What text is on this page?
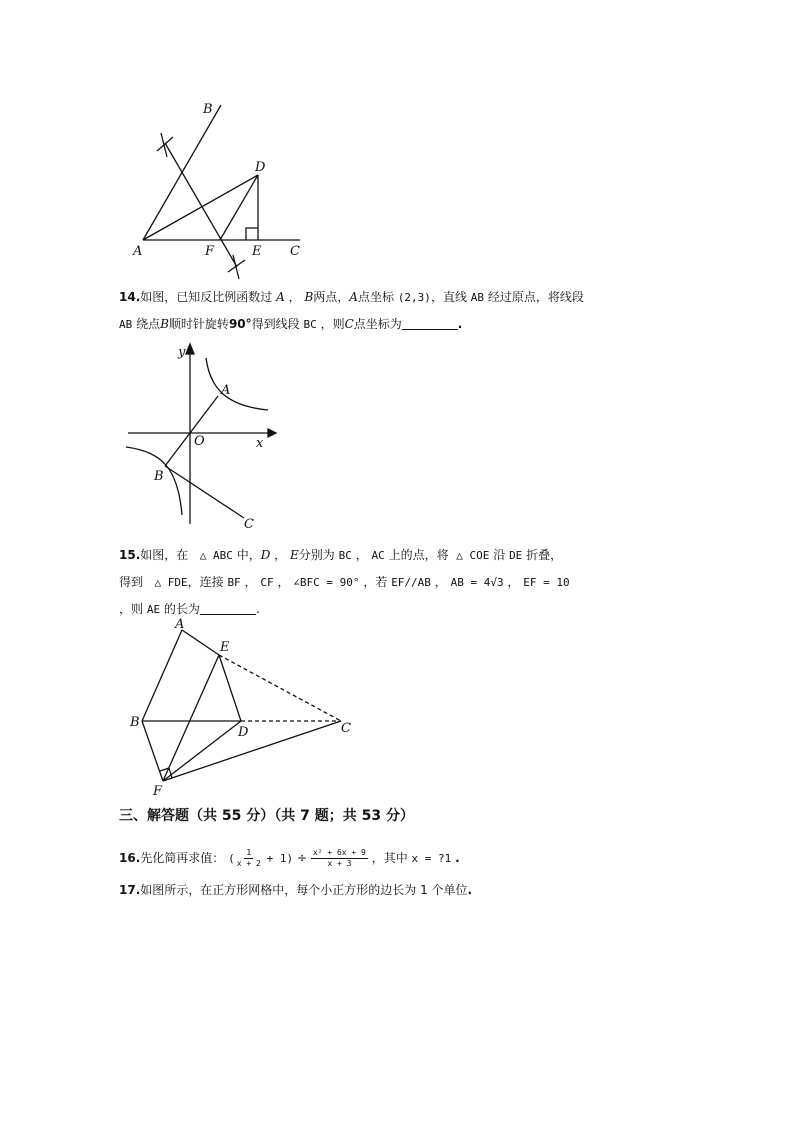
B
D
A	F	E C
14.如图，已知反比例函数过 A ， B两点，A点坐标 (2,3)，直线 AB 经过原点，将线段
AB 绕点B顺时针旋转90°得到线段 BC ，则C点坐标为	.
y
A
O	x
B
C
15.如图，在 △ ABC 中，D ， E分别为 BC ， AC 上的点，将 △ COE 沿 DE 折叠，
得到 △ FDE，连接 BF ， CF ， ∠BFC = 90° ，若 EF//AB ， AB = 4√3 ， EF = 10
，则 AE 的长为	.
A
E
B
D	C
F
三、解答题（共 55 分）（共 7 题；共 53 分）
16.先化简再求值： ( $\frac{1}{x + 2} + 1) \div \frac{\text{x² + 6x + 9}}{x + 3}$ ，其中 x = ?1 .
17.如图所示，在正方形网格中，每个小正方形的边长为 1 个单位.
